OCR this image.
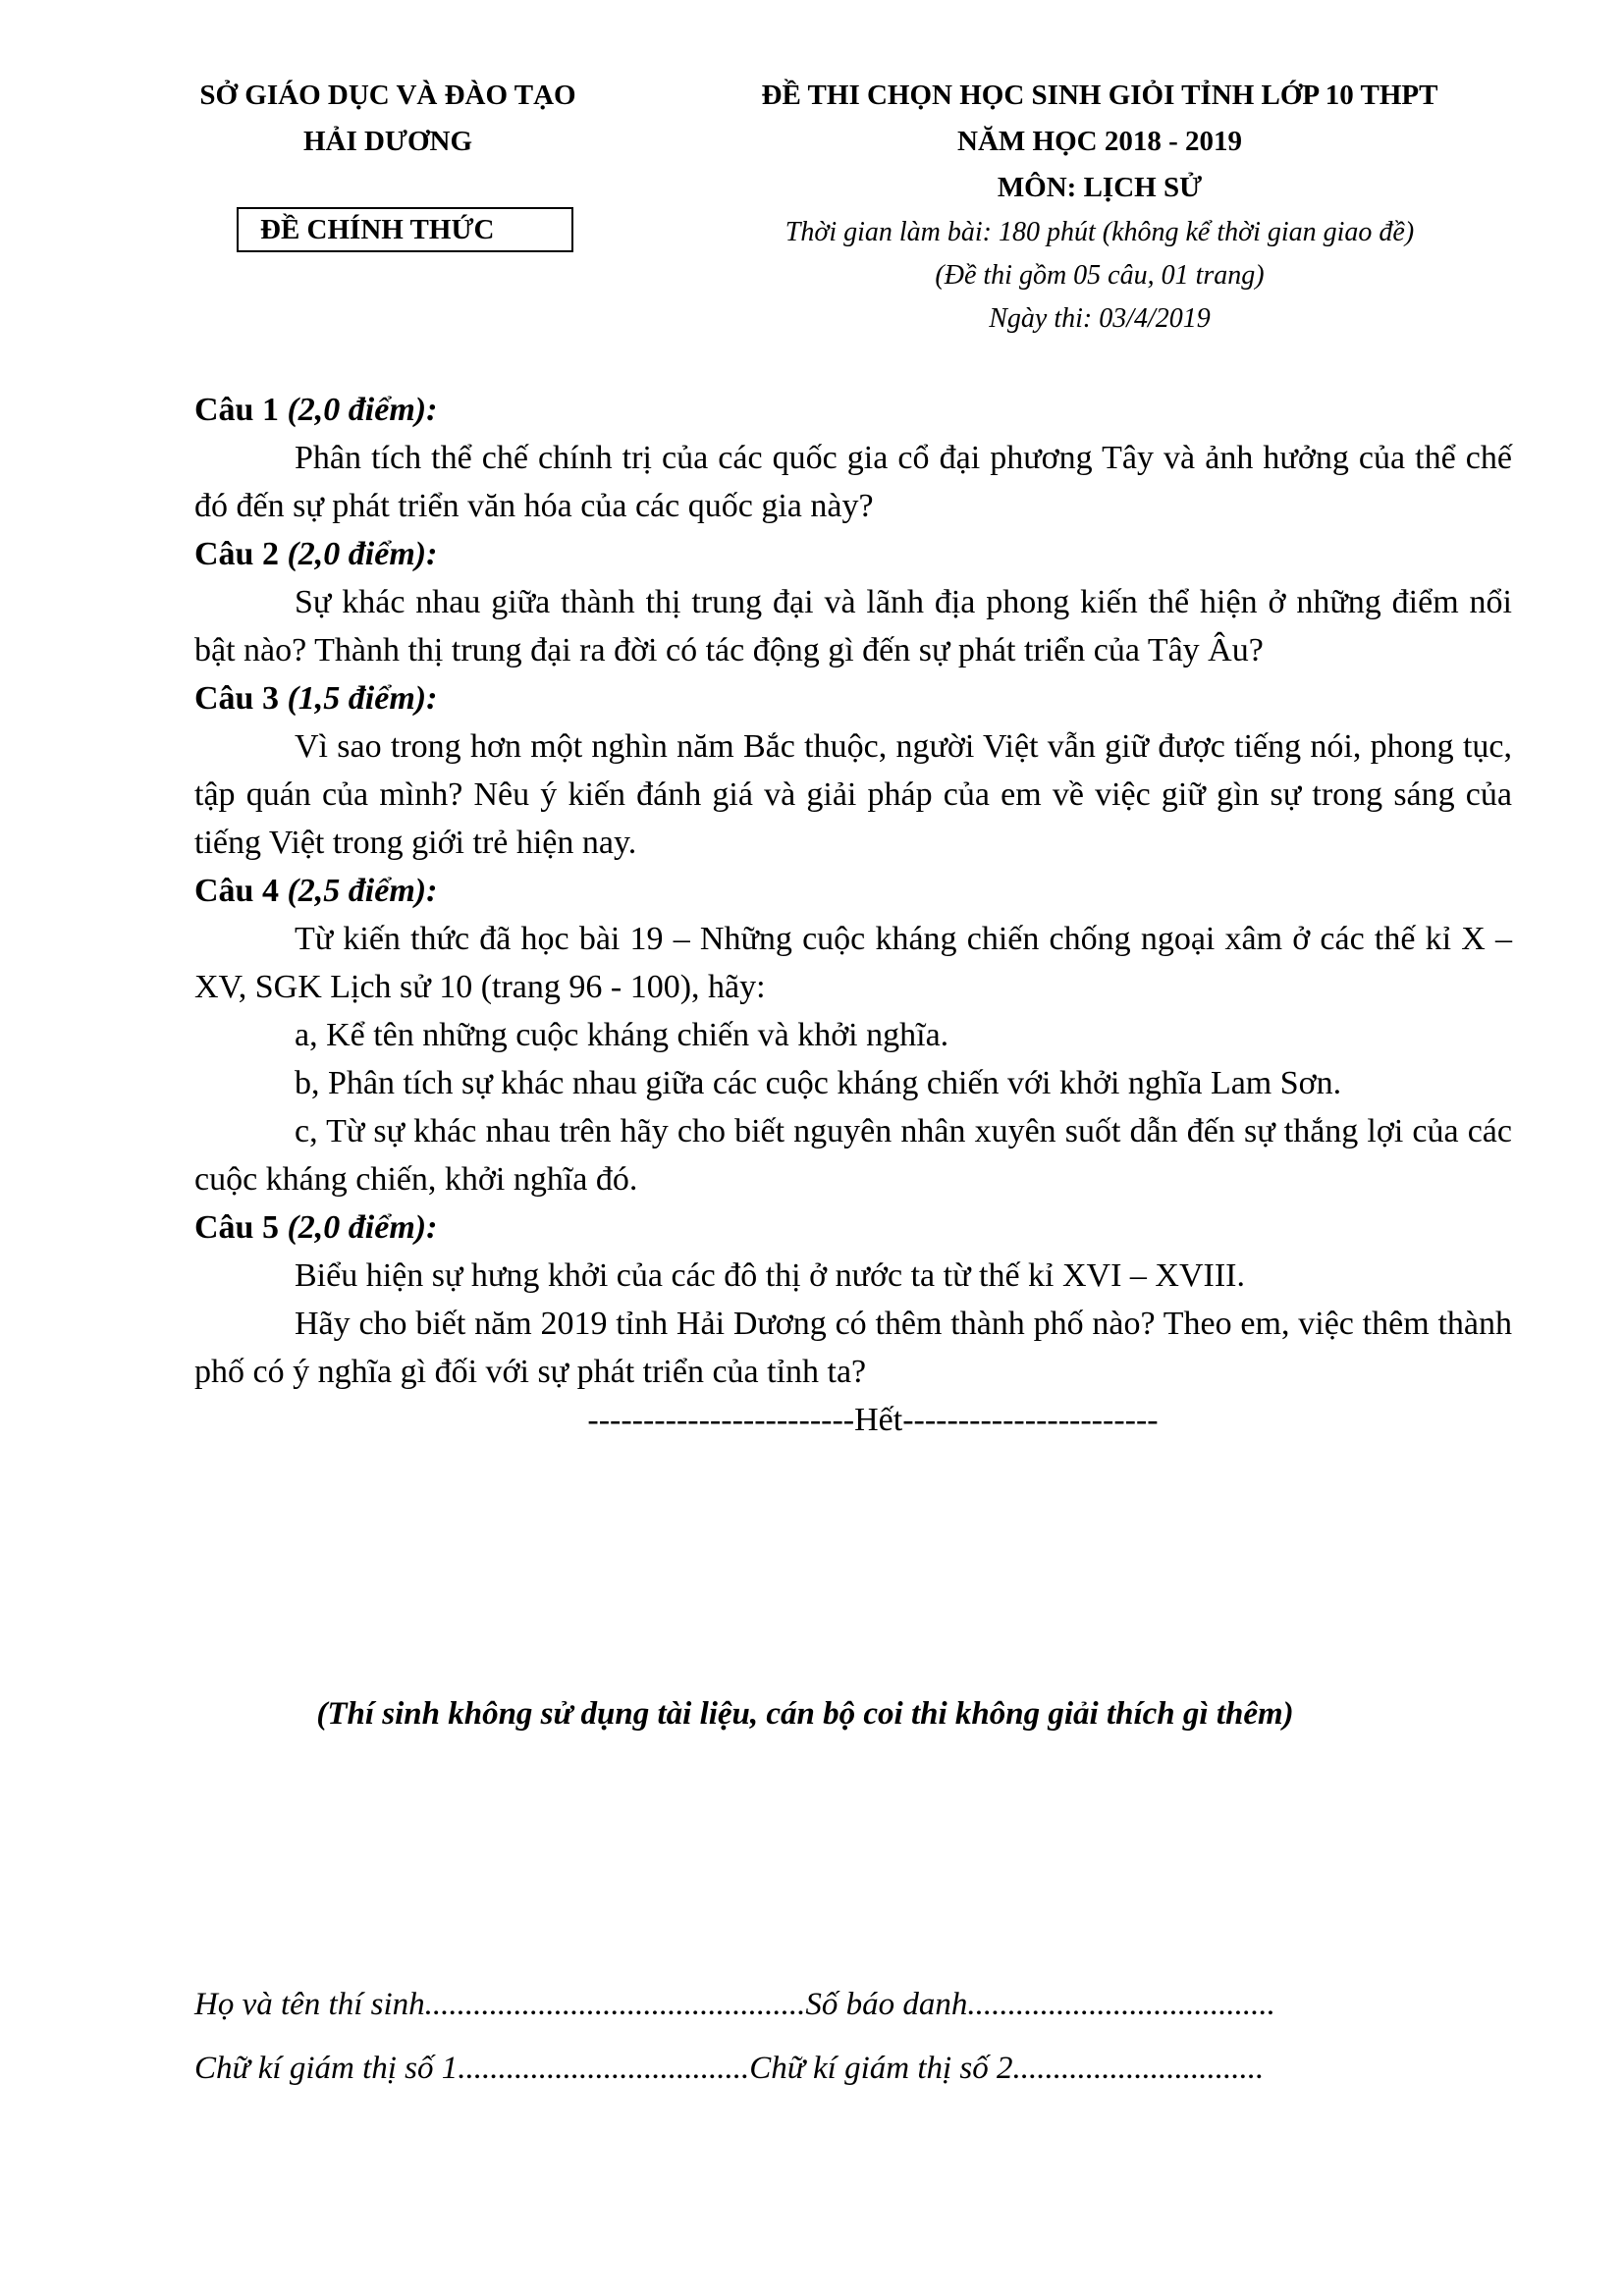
SỞ GIÁO DỤC VÀ ĐÀO TẠO
HẢI DƯƠNG
ĐỀ CHÍNH THỨC
ĐỀ THI CHỌN HỌC SINH GIỎI TỈNH LỚP 10 THPT
NĂM HỌC 2018 - 2019
MÔN: LỊCH SỬ
Thời gian làm bài: 180 phút (không kể thời gian giao đề)
(Đề thi gồm 05 câu, 01 trang)
Ngày thi: 03/4/2019
Câu 1 (2,0 điểm):
Phân tích thể chế chính trị của các quốc gia cổ đại phương Tây và ảnh hưởng của thể chế đó đến sự phát triển văn hóa của các quốc gia này?
Câu 2 (2,0 điểm):
Sự khác nhau giữa thành thị trung đại và lãnh địa phong kiến thể hiện ở những điểm nổi bật nào? Thành thị trung đại ra đời có tác động gì đến sự phát triển của Tây Âu?
Câu 3 (1,5 điểm):
Vì sao trong hơn một nghìn năm Bắc thuộc, người Việt vẫn giữ được tiếng nói, phong tục, tập quán của mình? Nêu ý kiến đánh giá và giải pháp của em về việc giữ gìn sự trong sáng của tiếng Việt trong giới trẻ hiện nay.
Câu 4 (2,5 điểm):
Từ kiến thức đã học bài 19 – Những cuộc kháng chiến chống ngoại xâm ở các thế kỉ X – XV, SGK Lịch sử 10 (trang 96 - 100), hãy:
a, Kể tên những cuộc kháng chiến và khởi nghĩa.
b, Phân tích sự khác nhau giữa các cuộc kháng chiến với khởi nghĩa Lam Sơn.
c, Từ sự khác nhau trên hãy cho biết nguyên nhân xuyên suốt dẫn đến sự thắng lợi của các cuộc kháng chiến, khởi nghĩa đó.
Câu 5 (2,0 điểm):
Biểu hiện sự hưng khởi của các đô thị ở nước ta từ thế kỉ XVI – XVIII.
Hãy cho biết năm 2019 tỉnh Hải Dương có thêm thành phố nào? Theo em, việc thêm thành phố có ý nghĩa gì đối với sự phát triển của tỉnh ta?
------------------------Hết-----------------------
(Thí sinh không sử dụng tài liệu, cán bộ coi thi không giải thích gì thêm)
Họ và tên thí sinh...............................................Số báo danh......................................
Chữ kí giám thị số 1....................................Chữ kí giám thị số 2...............................
